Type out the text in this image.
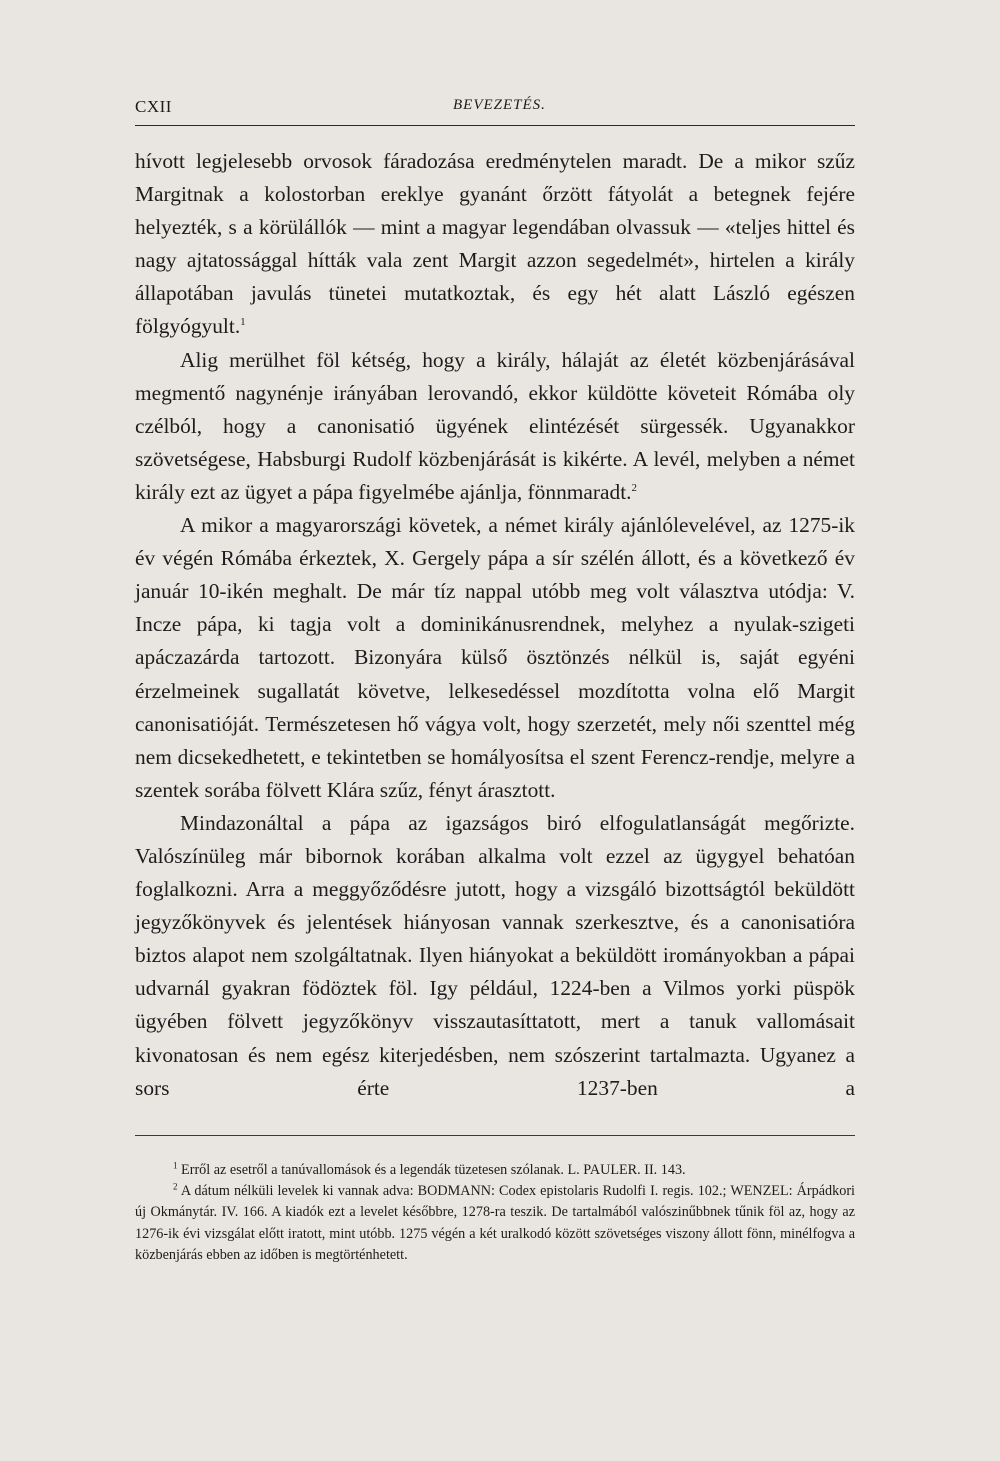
CXII	BEVEZETÉS.

hívott legjelesebb orvosok fáradozása eredménytelen maradt. De a mikor szűz Margitnak a kolostorban ereklye gyanánt őrzött fátyolát a betegnek fejére helyezték, s a körülállók — mint a magyar legendában olvassuk — «teljes hittel és nagy ajtatossággal hítták vala zent Margit azzon segedelmét», hirtelen a király állapotában javulás tünetei mutatkoztak, és egy hét alatt László egészen fölgyógyult.$^1$

Alig merülhet föl kétség, hogy a király, hálaját az életét közbenjárásával megmentő nagynénje irányában lerovandó, ekkor küldötte követeit Rómába oly czélból, hogy a canonisatió ügyének elintézését sürgessék. Ugyanakkor szövetségese, Habsburgi Rudolf közbenjárását is kikérte. A levél, melyben a német király ezt az ügyet a pápa figyelmébe ajánlja, fönnmaradt.$^2$

A mikor a magyarországi követek, a német király ajánlólevelével, az 1275-ik év végén Rómába érkeztek, X. Gergely pápa a sír szélén állott, és a következő év január 10-ikén meghalt. De már tíz nappal utóbb meg volt választva utódja: V. Incze pápa, ki tagja volt a dominikánusrendnek, melyhez a nyulak-szigeti apáczazárda tartozott. Bizonyára külső ösztönzés nélkül is, saját egyéni érzelmeinek sugallatát követve, lelkesedéssel mozdította volna elő Margit canonisatióját. Természetesen hő vágya volt, hogy szerzetét, mely női szenttel még nem dicsekedhetett, e tekintetben se homályosítsa el szent Ferencz-rendje, melyre a szentek sorába fölvett Klára szűz, fényt árasztott.

Mindazonáltal a pápa az igazságos biró elfogulatlanságát megőrizte. Valószínüleg már bibornok korában alkalma volt ezzel az ügygyel behatóan foglalkozni. Arra a meggyőződésre jutott, hogy a vizsgáló bizottságtól beküldött jegyzőkönyvek és jelentések hiányosan vannak szerkesztve, és a canonisatióra biztos alapot nem szolgáltatnak. Ilyen hiányokat a beküldött irományokban a pápai udvarnál gyakran födöztek föl. Igy például, 1224-ben a Vilmos yorki püspök ügyében fölvett jegyzőkönyv visszautasíttatott, mert a tanuk vallomásait kivonatosan és nem egész kiterjedésben, nem szószerint tartalmazta. Ugyanez a sors érte 1237-ben a

$^1$ Erről az esetről a tanúvallomások és a legendák tüzetesen szólanak. L. PAULER. II. 143.

$^2$ A dátum nélküli levelek ki vannak adva: BODMANN: Codex epistolaris Rudolfi I. regis. 102.; WENZEL: Árpádkori új Okmánytár. IV. 166. A kiadók ezt a levelet későbbre, 1278-ra teszik. De tartalmából valószinűbbnek tűnik föl az, hogy az 1276-ik évi vizsgálat előtt iratott, mint utóbb. 1275 végén a két uralkodó között szövetséges viszony állott fönn, minélfogva a közbenjárás ebben az időben is megtörténhetett.
